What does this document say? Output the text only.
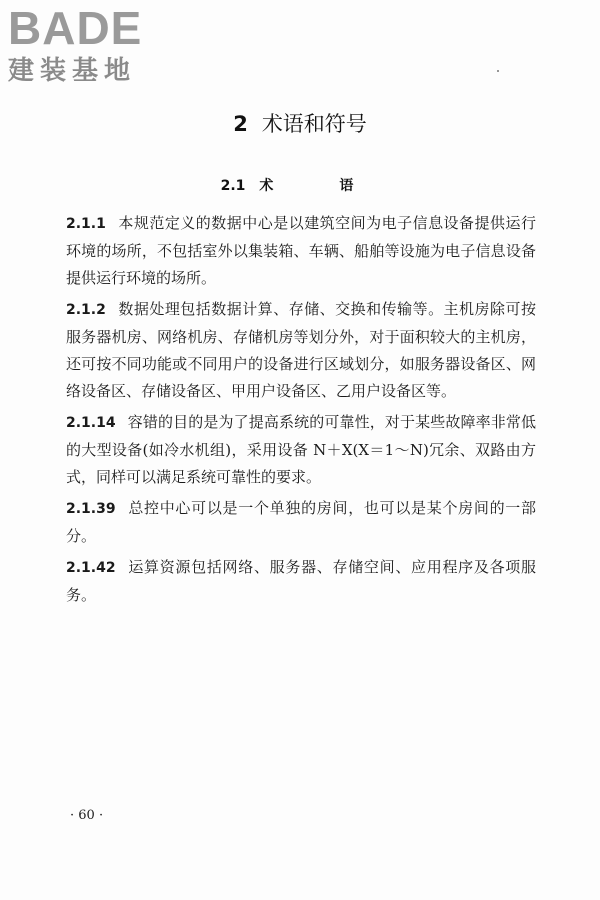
BADE
建装基地
2 术语和符号
2.1 术　语

2.1.1 本规范定义的数据中心是以建筑空间为电子信息设备提供运行环境的场所，不包括室外以集装箱、车辆、船舶等设施为电子信息设备提供运行环境的场所。

2.1.2 数据处理包括数据计算、存储、交换和传输等。主机房除可按服务器机房、网络机房、存储机房等划分外，对于面积较大的主机房，还可按不同功能或不同用户的设备进行区域划分，如服务器设备区、网络设备区、存储设备区、甲用户设备区、乙用户设备区等。

2.1.14 容错的目的是为了提高系统的可靠性，对于某些故障率非常低的大型设备(如冷水机组)，采用设备 N＋X(X＝1～N)冗余、双路由方式，同样可以满足系统可靠性的要求。

2.1.39 总控中心可以是一个单独的房间，也可以是某个房间的一部分。

2.1.42 运算资源包括网络、服务器、存储空间、应用程序及各项服务。

· 60 ·
